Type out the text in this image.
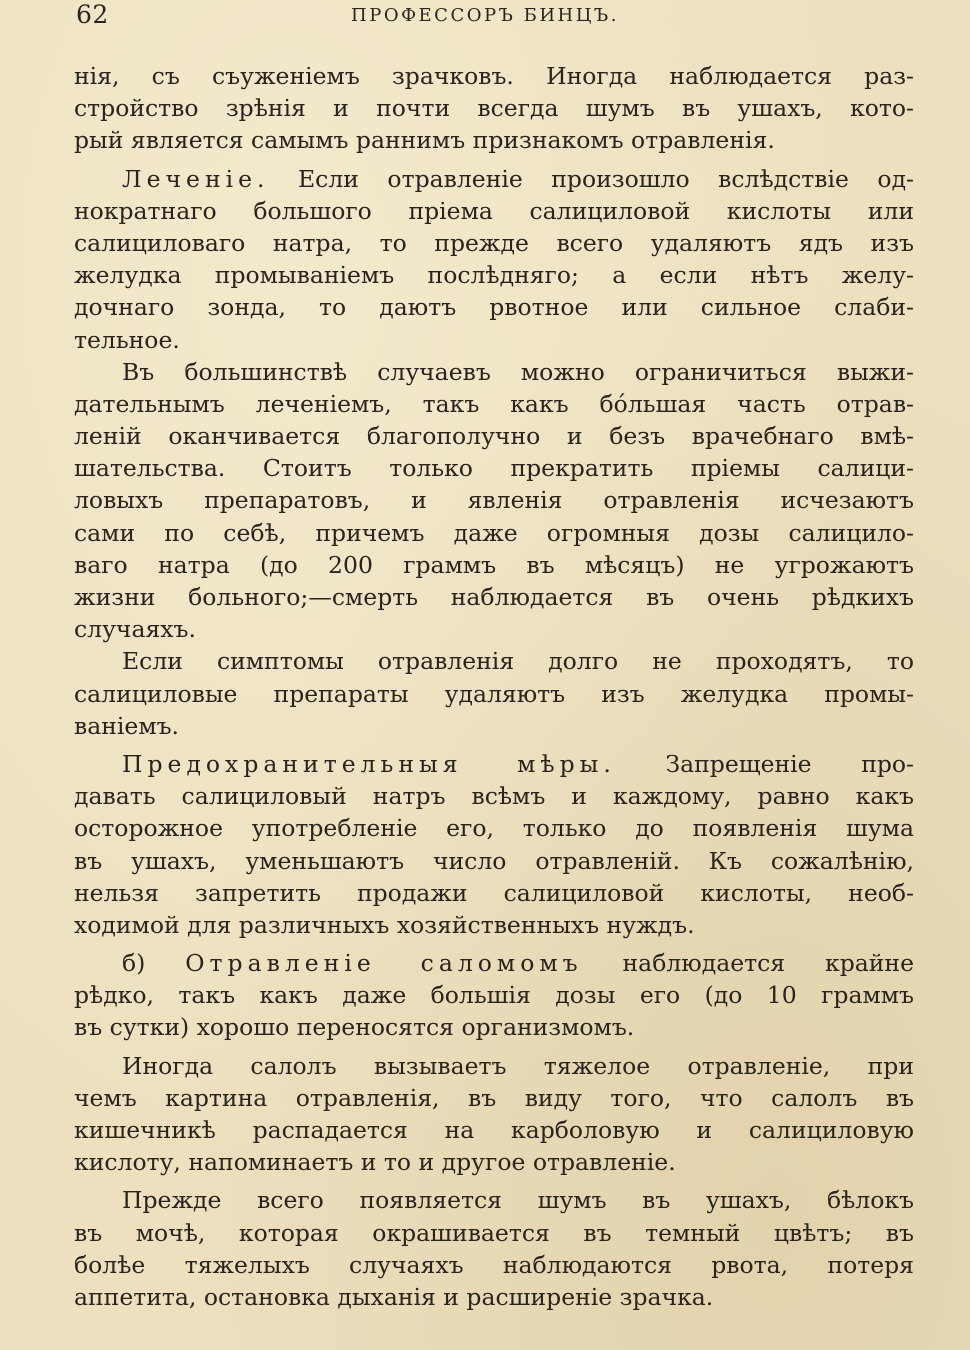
62	ПРОФЕССОРЪ БИНЦЪ.
нія, съ съуженіемъ зрачковъ. Иногда наблюдается раз-
стройство зрѣнія и почти всегда шумъ въ ушахъ, кото-
рый является самымъ раннимъ признакомъ отравленія.
Леченіе. Если отравленіе произошло вслѣдствіе од-
нократнаго большого пріема салициловой кислоты или
салициловаго натра, то прежде всего удаляютъ ядъ изъ
желудка промываніемъ послѣдняго; а если нѣтъ желу-
дочнаго зонда, то даютъ рвотное или сильное слаби-
тельное.
Въ большинствѣ случаевъ можно ограничиться выжи-
дательнымъ леченіемъ, такъ какъ бóльшая часть отрав-
леній оканчивается благополучно и безъ врачебнаго вмѣ-
шательства. Стоитъ только прекратить пріемы салици-
ловыхъ препаратовъ, и явленія отравленія исчезаютъ
сами по себѣ, причемъ даже огромныя дозы салицило-
ваго натра (до 200 граммъ въ мѣсяцъ) не угрожаютъ
жизни больного;—смерть наблюдается въ очень рѣдкихъ
случаяхъ.
Если симптомы отравленія долго не проходятъ, то
салициловые препараты удаляютъ изъ желудка промы-
ваніемъ.
Предохранительныя мѣры. Запрещеніе про-
давать салициловый натръ всѣмъ и каждому, равно какъ
осторожное употребленіе его, только до появленія шума
въ ушахъ, уменьшаютъ число отравленій. Къ сожалѣнію,
нельзя запретить продажи салициловой кислоты, необ-
ходимой для различныхъ хозяйственныхъ нуждъ.
б) Отравленіе саломомъ наблюдается крайне
рѣдко, такъ какъ даже большія дозы его (до 10 граммъ
въ сутки) хорошо переносятся организмомъ.
Иногда салолъ вызываетъ тяжелое отравленіе, при
чемъ картина отравленія, въ виду того, что салолъ въ
кишечникѣ распадается на карболовую и салициловую
кислоту, напоминаетъ и то и другое отравленіе.
Прежде всего появляется шумъ въ ушахъ, бѣлокъ
въ мочѣ, которая окрашивается въ темный цвѣтъ; въ
болѣе тяжелыхъ случаяхъ наблюдаются рвота, потеря
аппетита, остановка дыханія и расширеніе зрачка.
